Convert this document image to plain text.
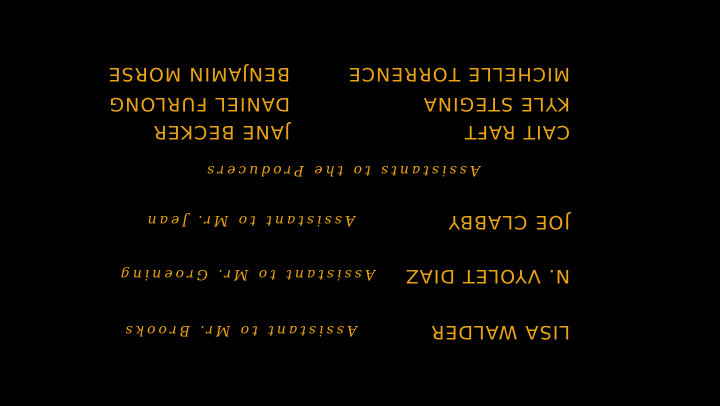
Assistant to Mr. Brooks	LISA WALDER
Assistant to Mr. Groening N. VYOLET DIAZ
Assistant to Mr. Jean	JOE CLABBY
Assistants to the Producers
CAIT RAFT
JANE BECKER
KYLE STEGINA
DANIEL FURLONG
MICHELLE TORRENCE
BENJAMIN MORSE
